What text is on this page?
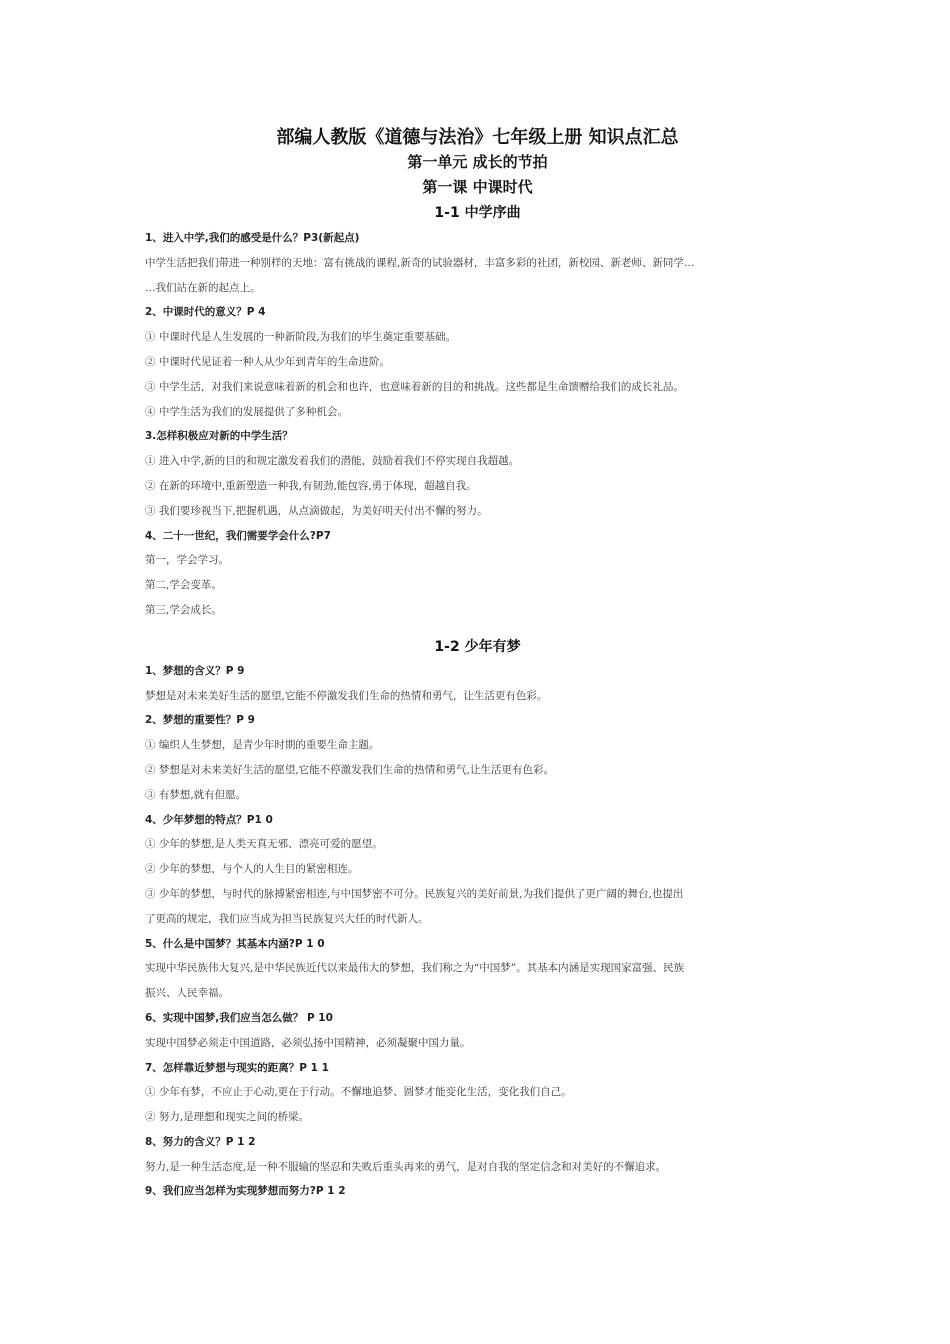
部编人教版《道德与法治》七年级上册 知识点汇总
第一单元 成长的节拍
第一课 中课时代
1-1 中学序曲
1、进入中学,我们的感受是什么？P3(新起点)
中学生活把我们带进一种别样的天地：富有挑战的课程,新奇的试验器材，丰富多彩的社团，新校园、新老师、新同学…
…我们站在新的起点上。
2、中课时代的意义？P 4
① 中课时代是人生发展的一种新阶段,为我们的毕生奠定重要基础。
② 中课时代见证着一种人从少年到青年的生命进阶。
③ 中学生活，对我们来说意味着新的机会和也许，也意味着新的目的和挑战。这些都是生命馈赠给我们的成长礼品。
④ 中学生活为我们的发展提供了多种机会。
3.怎样积极应对新的中学生活？
① 进入中学,新的目的和规定激发着我们的潜能，鼓励着我们不停实现自我超越。
② 在新的环境中,重新塑造一种我,有韧劲,能包容,勇于体现，超越自我。
③ 我们要珍视当下,把握机遇，从点滴做起，为美好明天付出不懈的努力。
4、二十一世纪，我们需要学会什么?P7
第一，学会学习。
第二,学会变革。
第三,学会成长。
1-2 少年有梦
1、梦想的含义？P 9
梦想是对未来美好生活的愿望,它能不停激发我们生命的热情和勇气，让生活更有色彩。
2、梦想的重要性？P 9
① 编织人生梦想，是青少年时期的重要生命主题。
② 梦想是对未来美好生活的愿望,它能不停激发我们生命的热情和勇气,让生活更有色彩。
③ 有梦想,就有但愿。
4、少年梦想的特点？P1 0
① 少年的梦想,是人类天真无邪、漂亮可爱的愿望。
② 少年的梦想，与个人的人生目的紧密相连。
③ 少年的梦想，与时代的脉搏紧密相连,与中国梦密不可分。民族复兴的美好前景,为我们提供了更广阔的舞台,也提出
了更高的规定，我们应当成为担当民族复兴大任的时代新人。
5、什么是中国梦？其基本内涵?P 1 0
实现中华民族伟大复兴,是中华民族近代以来最伟大的梦想，我们称之为“中国梦”。其基本内涵是实现国家富强、民族
振兴、人民幸福。
6、实现中国梦,我们应当怎么做？ P 10
实现中国梦必须走中国道路，必须弘扬中国精神，必须凝聚中国力量。
7、怎样靠近梦想与现实的距离？P 1 1
① 少年有梦，不应止于心动,更在于行动。不懈地追梦、圆梦才能变化生活，变化我们自己。
② 努力,是理想和现实之间的桥梁。
8、努力的含义？P 1 2
努力,是一种生活态度,是一种不服输的坚忍和失败后重头再来的勇气，是对自我的坚定信念和对美好的不懈追求。
9、我们应当怎样为实现梦想而努力?P 1 2
